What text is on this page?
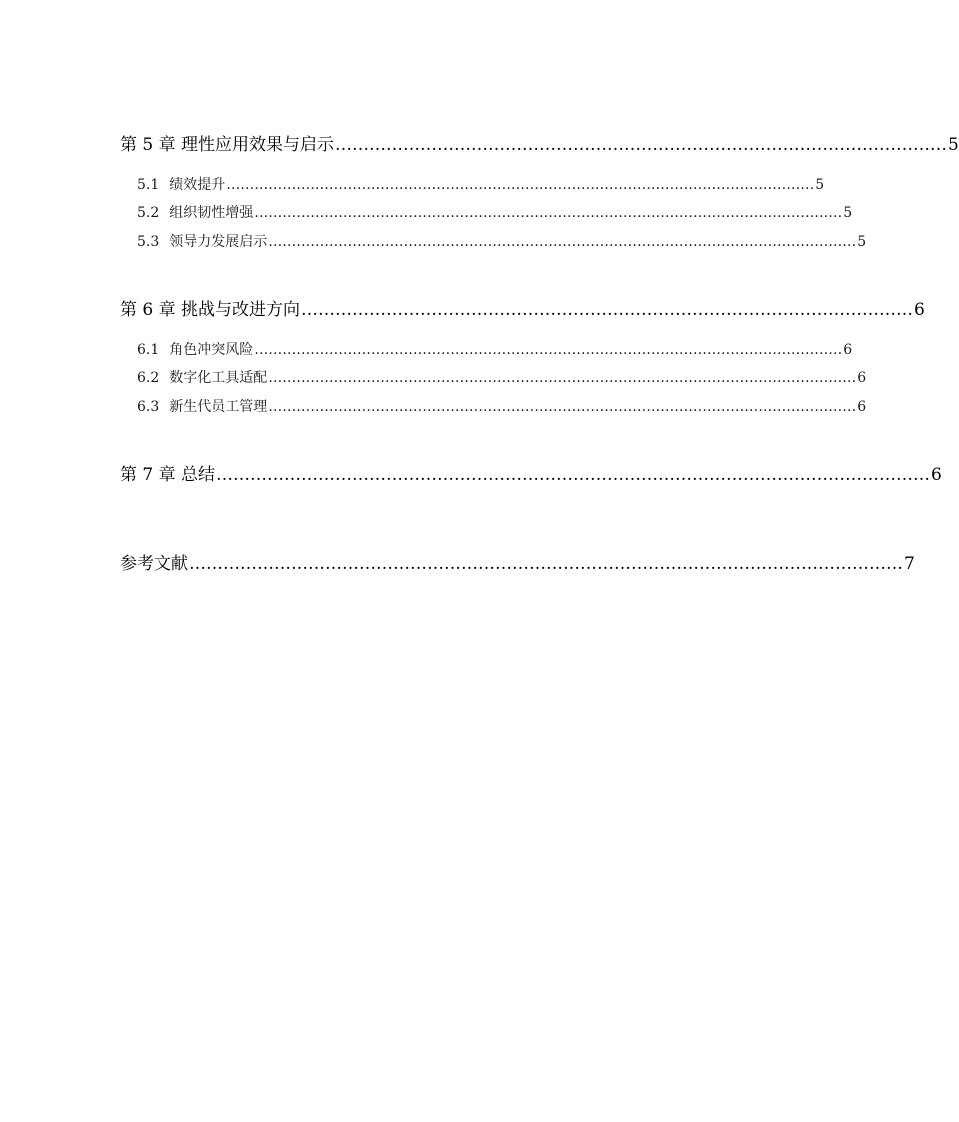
第 5 章 理性应用效果与启示 ……………………………………………………………………………………………… 5
5.1 绩效提升 ……………………………………………………………………………………………………………… 5
5.2 组织韧性增强 ……………………………………………………………………………………………………………… 5
5.3 领导力发展启示 ……………………………………………………………………………………………………………… 5
第 6 章 挑战与改进方向 ……………………………………………………………………………………………… 6
6.1 角色冲突风险 ……………………………………………………………………………………………………………… 6
6.2 数字化工具适配 ……………………………………………………………………………………………………………… 6
6.3 新生代员工管理 ……………………………………………………………………………………………………………… 6
第 7 章 总结 ……………………………………………………………………………………………………………… 6
参考文献 ……………………………………………………………………………………………………………… 7
